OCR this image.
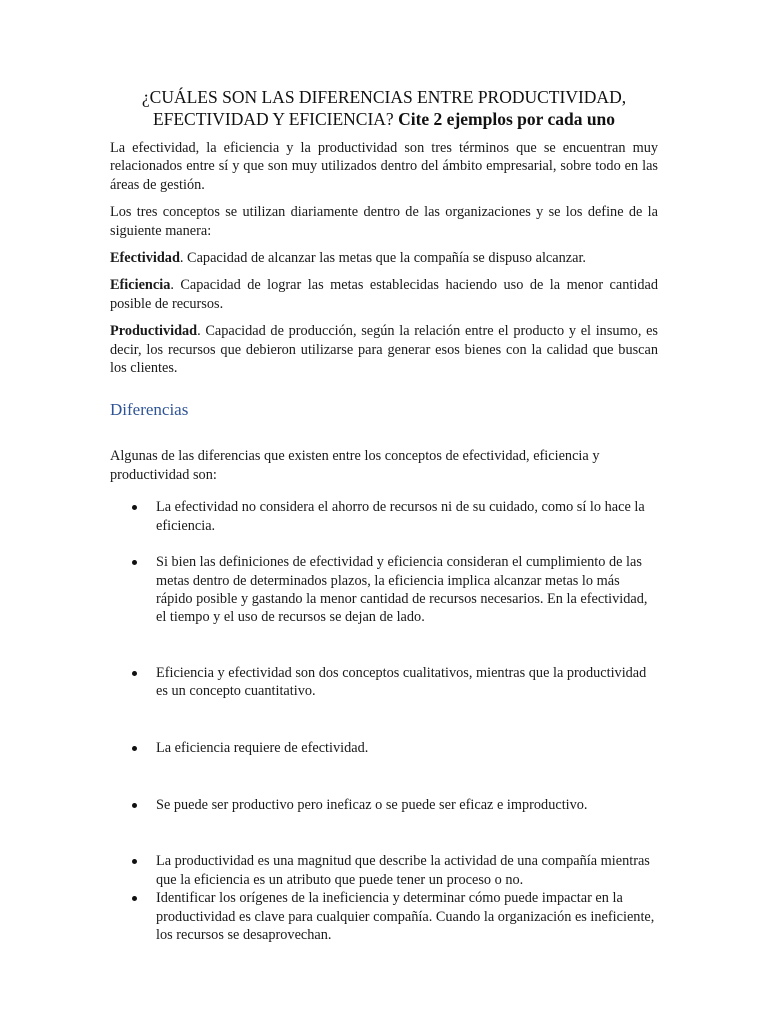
¿CUÁLES SON LAS DIFERENCIAS ENTRE PRODUCTIVIDAD,
EFECTIVIDAD Y EFICIENCIA? Cite 2 ejemplos por cada uno

La efectividad, la eficiencia y la productividad son tres términos que se encuentran muy relacionados entre sí y que son muy utilizados dentro del ámbito empresarial, sobre todo en las áreas de gestión.

Los tres conceptos se utilizan diariamente dentro de las organizaciones y se los define de la siguiente manera:

Efectividad. Capacidad de alcanzar las metas que la compañía se dispuso alcanzar.

Eficiencia. Capacidad de lograr las metas establecidas haciendo uso de la menor cantidad posible de recursos.

Productividad. Capacidad de producción, según la relación entre el producto y el insumo, es decir, los recursos que debieron utilizarse para generar esos bienes con la calidad que buscan los clientes.

Diferencias

Algunas de las diferencias que existen entre los conceptos de efectividad, eficiencia y productividad son:

La efectividad no considera el ahorro de recursos ni de su cuidado, como sí lo hace la eficiencia.
Si bien las definiciones de efectividad y eficiencia consideran el cumplimiento de las metas dentro de determinados plazos, la eficiencia implica alcanzar metas lo más rápido posible y gastando la menor cantidad de recursos necesarios. En la efectividad, el tiempo y el uso de recursos se dejan de lado.
Eficiencia y efectividad son dos conceptos cualitativos, mientras que la productividad es un concepto cuantitativo.
La eficiencia requiere de efectividad.
Se puede ser productivo pero ineficaz o se puede ser eficaz e improductivo.
La productividad es una magnitud que describe la actividad de una compañía mientras que la eficiencia es un atributo que puede tener un proceso o no.
Identificar los orígenes de la ineficiencia y determinar cómo puede impactar en la productividad es clave para cualquier compañía. Cuando la organización es ineficiente, los recursos se desaprovechan.
